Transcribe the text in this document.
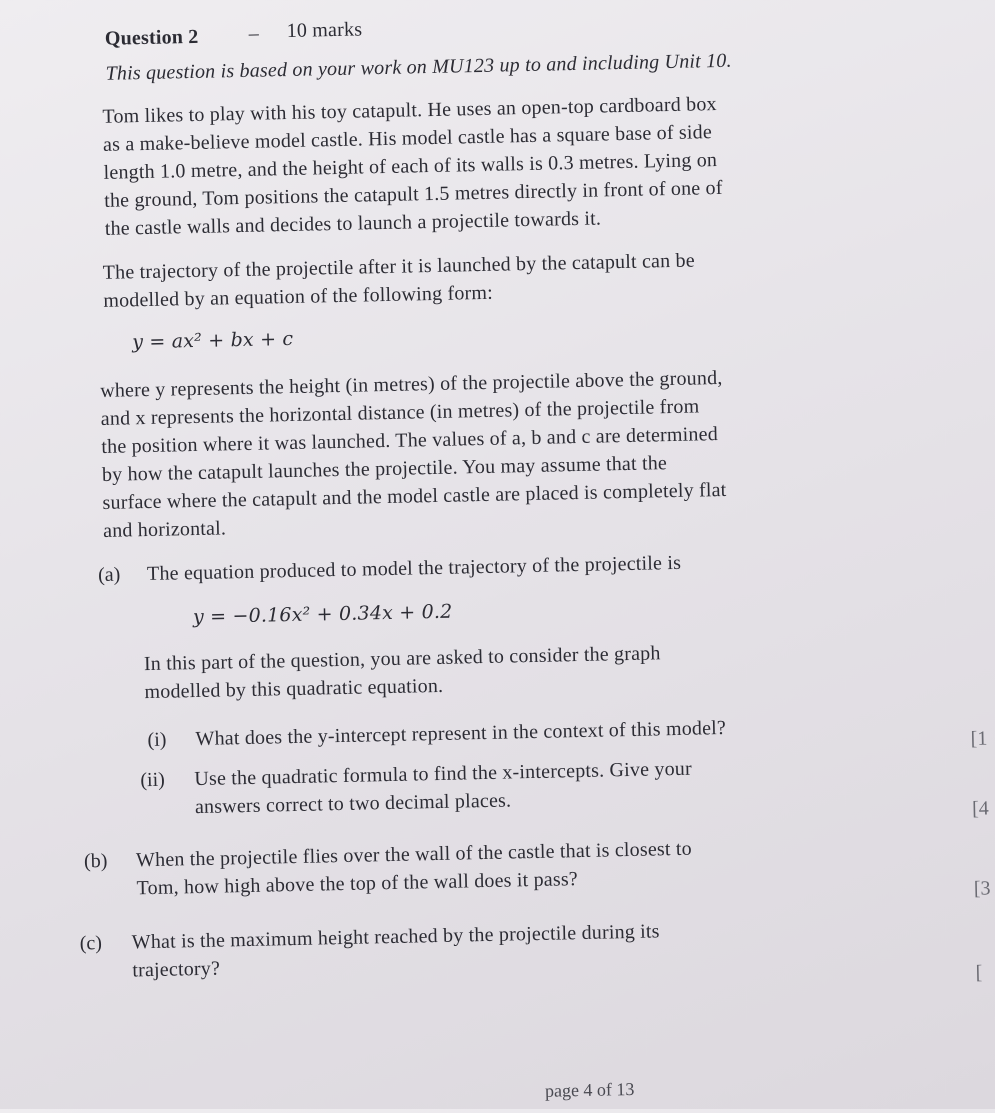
Question 2 – 10 marks
This question is based on your work on MU123 up to and including Unit 10.
Tom likes to play with his toy catapult. He uses an open-top cardboard box
as a make-believe model castle. His model castle has a square base of side
length 1.0 metre, and the height of each of its walls is 0.3 metres. Lying on
the ground, Tom positions the catapult 1.5 metres directly in front of one of
the castle walls and decides to launch a projectile towards it.
The trajectory of the projectile after it is launched by the catapult can be
modelled by an equation of the following form:
y = ax² + bx + c
where y represents the height (in metres) of the projectile above the ground,
and x represents the horizontal distance (in metres) of the projectile from
the position where it was launched. The values of a, b and c are determined
by how the catapult launches the projectile. You may assume that the
surface where the catapult and the model castle are placed is completely flat
and horizontal.
(a) The equation produced to model the trajectory of the projectile is
y = −0.16x² + 0.34x + 0.2
In this part of the question, you are asked to consider the graph
modelled by this quadratic equation.
(i) What does the y-intercept represent in the context of this model?	[1
(ii) Use the quadratic formula to find the x-intercepts. Give your
answers correct to two decimal places.	[4
(b) When the projectile flies over the wall of the castle that is closest to
Tom, how high above the top of the wall does it pass?	[3
(c) What is the maximum height reached by the projectile during its
trajectory?	[
page 4 of 13
